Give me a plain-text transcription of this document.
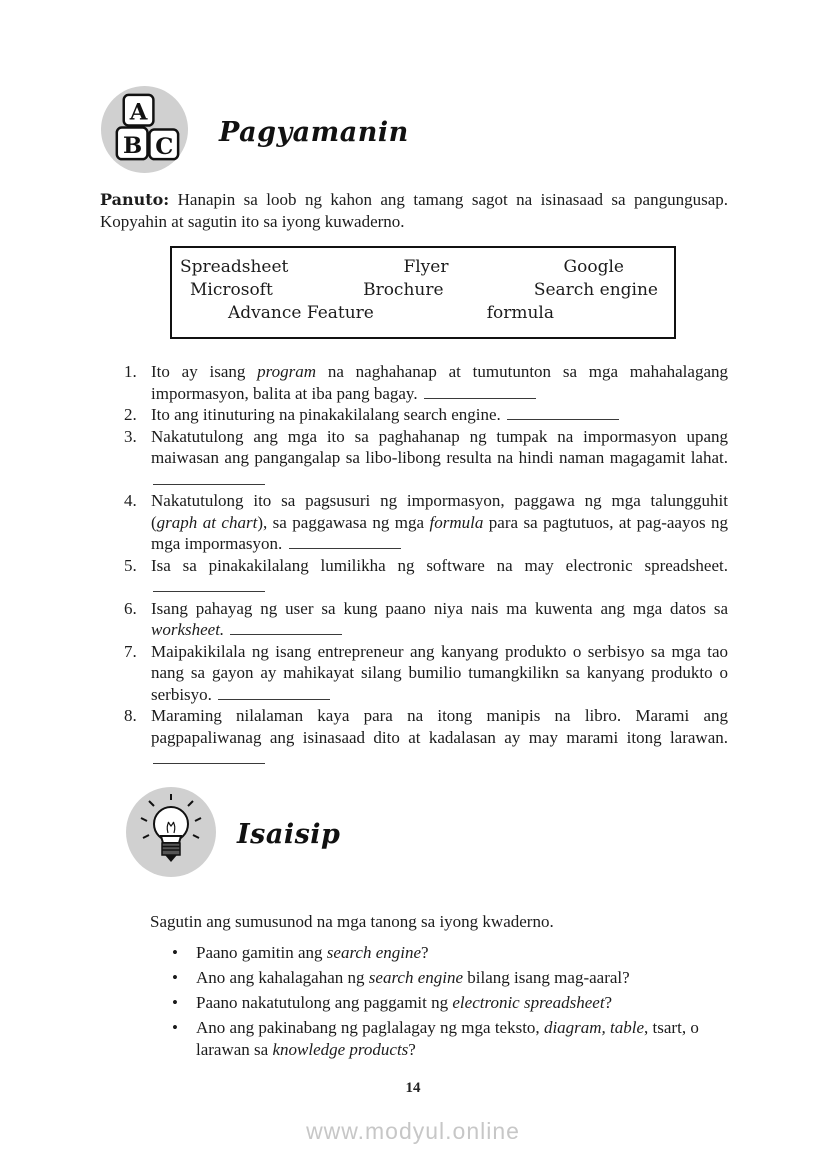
A
B C Pagyamanin

Panuto: Hanapin sa loob ng kahon ang tamang sagot na isinasaad sa pangungusap. Kopyahin at sagutin ito sa iyong kuwaderno.

Spreadsheet	Flyer	Google
Microsoft	Brochure	Search engine
Advance Feature	formula
1. Ito ay isang program na naghahanap at tumutunton sa mga mahahalagang impormasyon, balita at iba pang bagay.
2. Ito ang itinuturing na pinakakilalang search engine.
3. Nakatutulong ang mga ito sa paghahanap ng tumpak na impormasyon upang maiwasan ang pangangalap sa libo-libong resulta na hindi naman magagamit lahat.
4. Nakatutulong ito sa pagsusuri ng impormasyon, paggawa ng mga talungguhit (graph at chart), sa paggawasa ng mga formula para sa pagtutuos, at pag-aayos ng mga impormasyon.
5. Isa sa pinakakilalang lumilikha ng software na may electronic spreadsheet.
6. Isang pahayag ng user sa kung paano niya nais ma kuwenta ang mga datos sa worksheet.
7. Maipakikilala ng isang entrepreneur ang kanyang produkto o serbisyo sa mga tao nang sa gayon ay mahikayat silang bumilio tumangkilikn sa kanyang produkto o serbisyo.
8. Maraming nilalaman kaya para na itong manipis na libro. Marami ang pagpapaliwanag ang isinasaad dito at kadalasan ay may marami itong larawan.
Isaisip

Sagutin ang sumusunod na mga tanong sa iyong kwaderno.

• Paano gamitin ang search engine?
• Ano ang kahalagahan ng search engine bilang isang mag-aaral?
• Paano nakatutulong ang paggamit ng electronic spreadsheet?
• Ano ang pakinabang ng paglalagay ng mga teksto, diagram, table, tsart, o larawan sa knowledge products?
14
www.modyul.online
